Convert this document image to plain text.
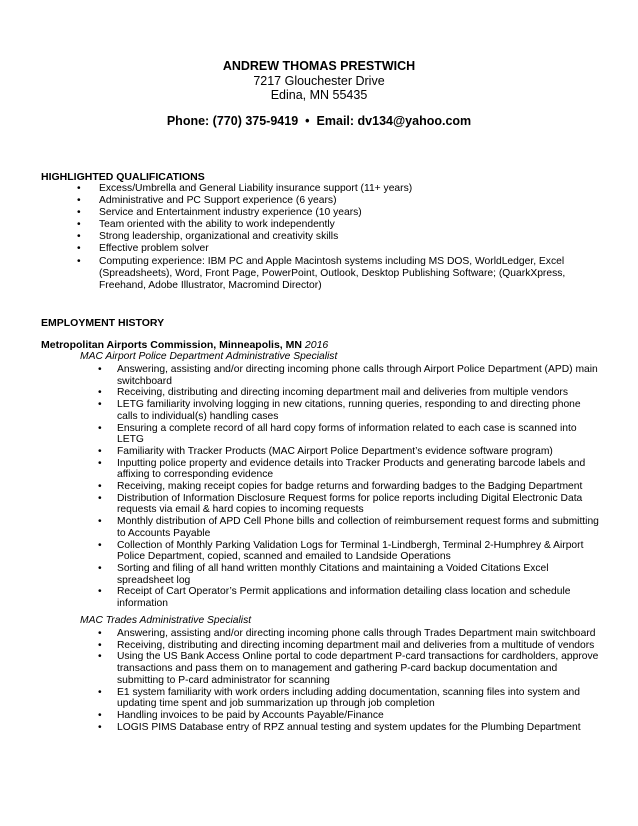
ANDREW THOMAS PRESTWICH
7217 Glouchester Drive
Edina, MN 55435
Phone: (770) 375-9419 • Email: dv134@yahoo.com
HIGHLIGHTED QUALIFICATIONS
• Excess/Umbrella and General Liability insurance support (11+ years)
• Administrative and PC Support experience (6 years)
• Service and Entertainment industry experience (10 years)
• Team oriented with the ability to work independently
• Strong leadership, organizational and creativity skills
• Effective problem solver
• Computing experience: IBM PC and Apple Macintosh systems including MS DOS, WorldLedger, Excel (Spreadsheets), Word, Front Page, PowerPoint, Outlook, Desktop Publishing Software; (QuarkXpress, Freehand, Adobe Illustrator, Macromind Director)
EMPLOYMENT HISTORY
Metropolitan Airports Commission, Minneapolis, MN 2016
MAC Airport Police Department Administrative Specialist
• Answering, assisting and/or directing incoming phone calls through Airport Police Department (APD) main switchboard
• Receiving, distributing and directing incoming department mail and deliveries from multiple vendors
• LETG familiarity involving logging in new citations, running queries, responding to and directing phone calls to individual(s) handling cases
• Ensuring a complete record of all hard copy forms of information related to each case is scanned into LETG
• Familiarity with Tracker Products (MAC Airport Police Department’s evidence software program)
• Inputting police property and evidence details into Tracker Products and generating barcode labels and affixing to corresponding evidence
• Receiving, making receipt copies for badge returns and forwarding badges to the Badging Department
• Distribution of Information Disclosure Request forms for police reports including Digital Electronic Data requests via email & hard copies to incoming requests
• Monthly distribution of APD Cell Phone bills and collection of reimbursement request forms and submitting to Accounts Payable
• Collection of Monthly Parking Validation Logs for Terminal 1-Lindbergh, Terminal 2-Humphrey & Airport Police Department, copied, scanned and emailed to Landside Operations
• Sorting and filing of all hand written monthly Citations and maintaining a Voided Citations Excel spreadsheet log
• Receipt of Cart Operator’s Permit applications and information detailing class location and schedule information
MAC Trades Administrative Specialist
• Answering, assisting and/or directing incoming phone calls through Trades Department main switchboard
• Receiving, distributing and directing incoming department mail and deliveries from a multitude of vendors
• Using the US Bank Access Online portal to code department P-card transactions for cardholders, approve transactions and pass them on to management and gathering P-card backup documentation and submitting to P-card administrator for scanning
• E1 system familiarity with work orders including adding documentation, scanning files into system and updating time spent and job summarization up through job completion
• Handling invoices to be paid by Accounts Payable/Finance
• LOGIS PIMS Database entry of RPZ annual testing and system updates for the Plumbing Department
